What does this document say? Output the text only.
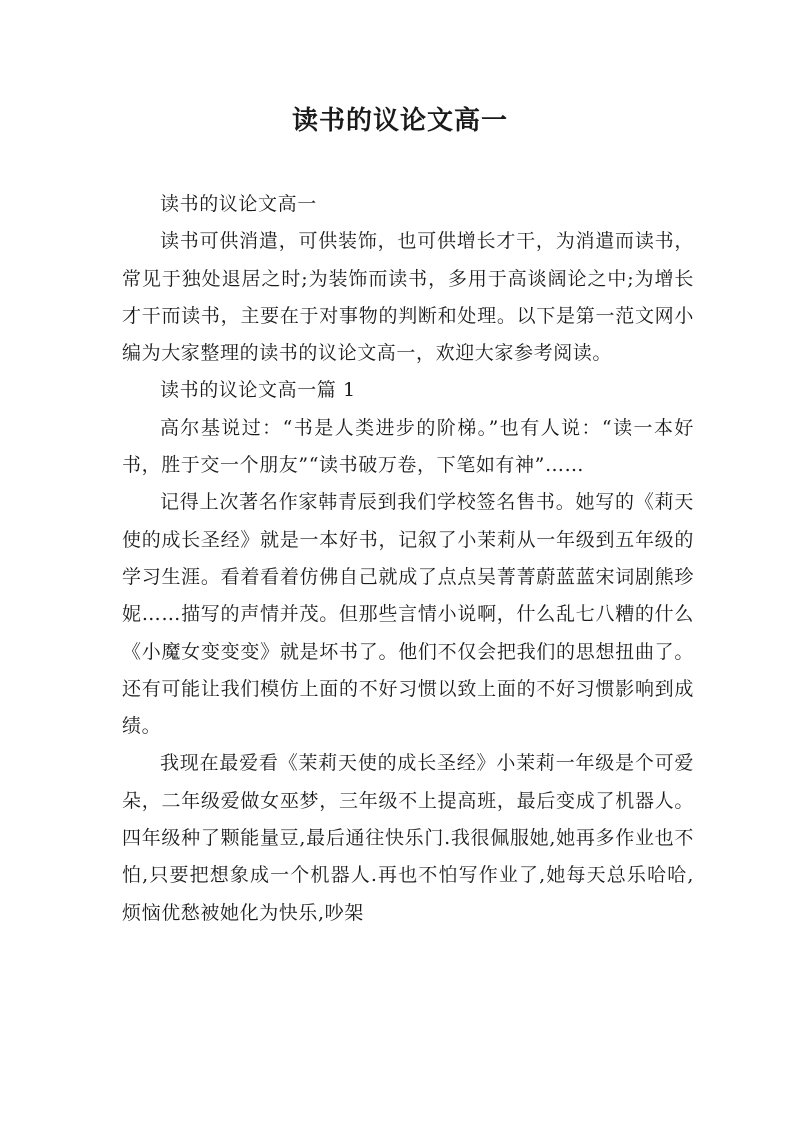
读书的议论文高一

读书的议论文高一

读书可供消遣，可供装饰，也可供增长才干，为消遣而读书，常见于独处退居之时;为装饰而读书，多用于高谈阔论之中;为增长才干而读书，主要在于对事物的判断和处理。以下是第一范文网小编为大家整理的读书的议论文高一，欢迎大家参考阅读。

读书的议论文高一篇 1

高尔基说过：“书是人类进步的阶梯。”也有人说：“读一本好书，胜于交一个朋友”“读书破万卷，下笔如有神”……

记得上次著名作家韩青辰到我们学校签名售书。她写的《莉天使的成长圣经》就是一本好书，记叙了小茉莉从一年级到五年级的学习生涯。看着看着仿佛自己就成了点点吴菁菁蔚蓝蓝宋词剧熊珍妮……描写的声情并茂。但那些言情小说啊，什么乱七八糟的什么《小魔女变变变》就是坏书了。他们不仅会把我们的思想扭曲了。还有可能让我们模仿上面的不好习惯以致上面的不好习惯影响到成绩。

我现在最爱看《茉莉天使的成长圣经》小茉莉一年级是个可爱朵，二年级爱做女巫梦，三年级不上提高班，最后变成了机器人。四年级种了颗能量豆,最后通往快乐门.我很佩服她,她再多作业也不怕,只要把想象成一个机器人.再也不怕写作业了,她每天总乐哈哈,烦恼优愁被她化为快乐,吵架
